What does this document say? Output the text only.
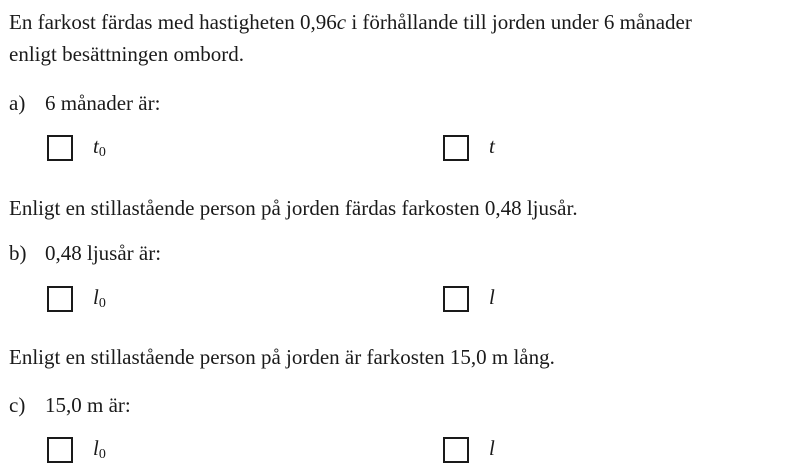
En farkost färdas med hastigheten 0,96c i förhållande till jorden under 6 månader
enligt besättningen ombord.
a) 6 månader är:
$t_0$	t
Enligt en stillastående person på jorden färdas farkosten 0,48 ljusår.
b) 0,48 ljusår är:
$l_0$	l
Enligt en stillastående person på jorden är farkosten 15,0 m lång.
c) 15,0 m är:
$l_0$	l
